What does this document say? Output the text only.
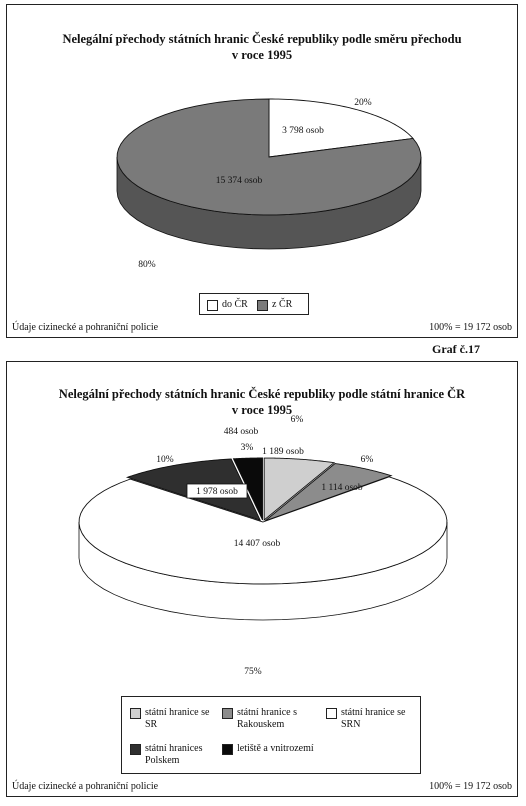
Nelegální přechody státních hranic České republiky podle směru přechodu
v roce 1995
3 798 osob
20%
15 374 osob
80%
do ČR z ČR
Údaje cizinecké a pohraniční policie	100% = 19 172 osob
Graf č.17
Nelegální přechody státních hranic České republiky podle státní hranice ČR
v roce 1995
1 189 osob
6%
1 114 osob
6%
14 407 osob
75%
1 978 osob
10%
484 osob
3%
státní hranice se SR
státní hranice s Rakouskem
státní hranice se SRN
státní hranices Polskem
letiště a vnitrozemí
Údaje cizinecké a pohraniční policie	100% = 19 172 osob
